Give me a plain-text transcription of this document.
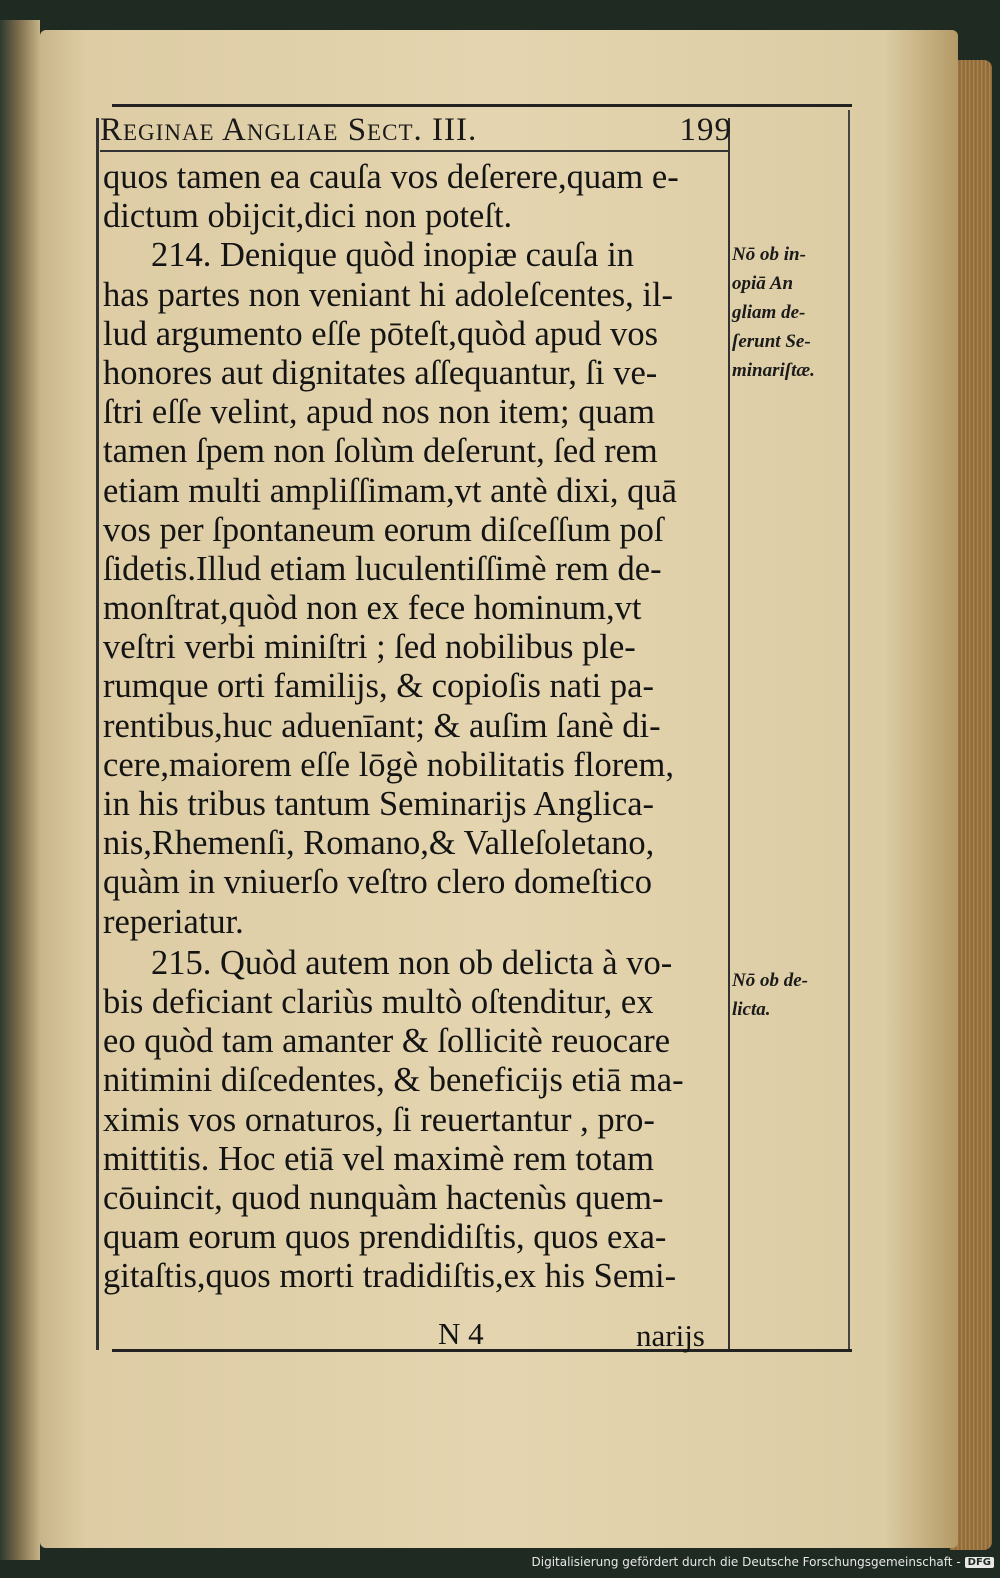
Reginae Angliae Sect. III.	199
quos tamen ea cauſa vos deſerere,quam e-
dictum obijcit,dici non poteſt.
214. Denique quòd inopiæ cauſa in
has partes non veniant hi adoleſcentes, il-
lud argumento eſſe pōteſt,quòd apud vos
honores aut dignitates aſſequantur, ſi ve-
ſtri eſſe velint, apud nos non item; quam
tamen ſpem non ſolùm deſerunt, ſed rem
etiam multi ampliſſimam,vt antè dixi, quā
vos per ſpontaneum eorum diſceſſum poſ
ſidetis.Illud etiam luculentiſſimè rem de-
monſtrat,quòd non ex fece hominum,vt
veſtri verbi miniſtri ; ſed nobilibus ple-
rumque orti familijs, & copioſis nati pa-
rentibus,huc aduenīant; & auſim ſanè di-
cere,maiorem eſſe lōgè nobilitatis florem,
in his tribus tantum Seminarijs Anglica-
nis,Rhemenſi, Romano,& Valleſoletano,
quàm in vniuerſo veſtro clero domeſtico
reperiatur.
215. Quòd autem non ob delicta à vo-
bis deficiant clariùs multò oſtenditur, ex
eo quòd tam amanter & ſollicitè reuocare
nitimini diſcedentes, & beneficijs etiā ma-
ximis vos ornaturos, ſi reuertantur , pro-
mittitis. Hoc etiā vel maximè rem totam
cōuincit, quod nunquàm hactenùs quem-
quam eorum quos prendidiſtis, quos exa-
gitaſtis,quos morti tradidiſtis,ex his Semi-
Nō ob in-
opiā An
gliam de-
ſerunt Se-
minariſtæ.
Nō ob de-
licta.
N 4	narijs
Digitalisierung gefördert durch die Deutsche Forschungsgemeinschaft - DFG
